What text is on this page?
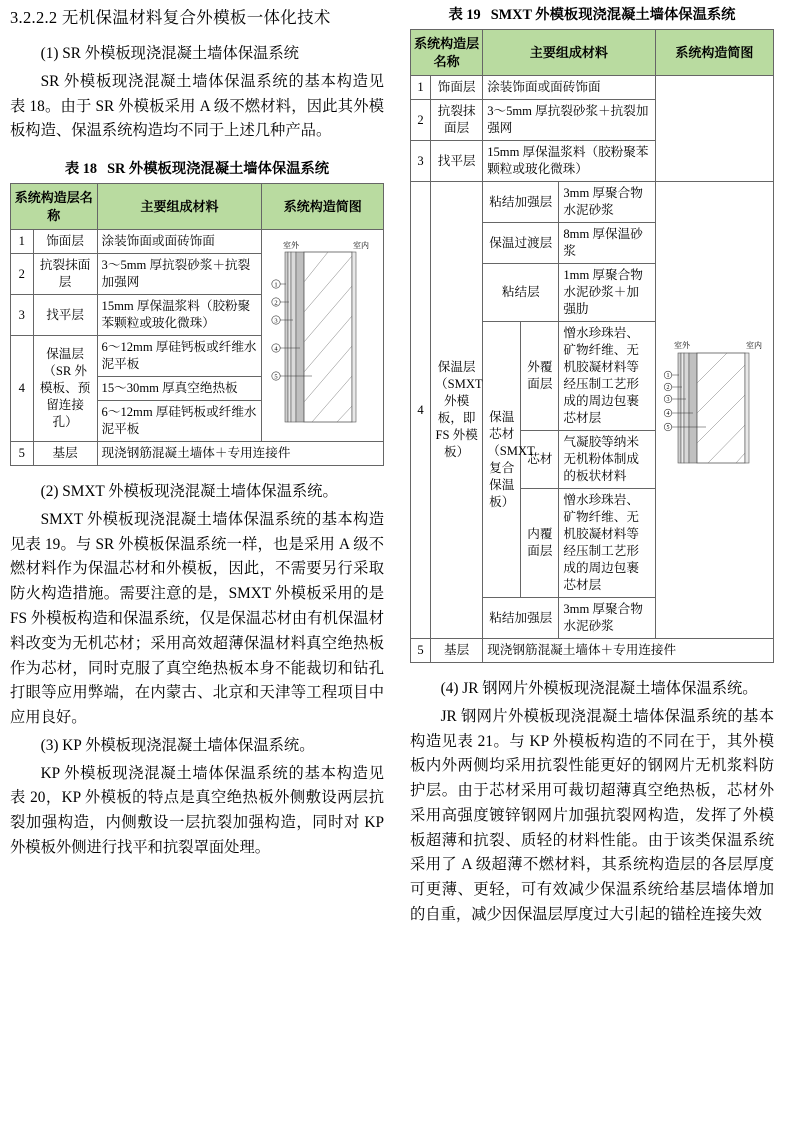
3.2.2.2 无机保温材料复合外模板一体化技术

(1) SR 外模板现浇混凝土墙体保温系统

SR 外模板现浇混凝土墙体保温系统的基本构造见表 18。由于 SR 外模板采用 A 级不燃材料，因此其外模板构造、保温系统构造均不同于上述几种产品。

表 18 SR 外模板现浇混凝土墙体保温系统
系统构造层名称		主要组成材料	系统构造简图
1	饰面层	涂装饰面或面砖饰面	室外	室内
1
2
3
4
5

2	抗裂抹面层	3～5mm 厚抗裂砂浆＋抗裂加强网	
3	找平层	15mm 厚保温浆料（胶粉聚苯颗粒或玻化微珠）	
4	保温层（SR 外模板、预留连接孔）	6～12mm 厚硅钙板或纤维水泥平板	
		15～30mm 厚真空绝热板	
		6～12mm 厚硅钙板或纤维水泥平板	
5	基层	现浇钢筋混凝土墙体＋专用连接件	

(2) SMXT 外模板现浇混凝土墙体保温系统。

SMXT 外模板现浇混凝土墙体保温系统的基本构造见表 19。与 SR 外模板保温系统一样，也是采用 A 级不燃材料作为保温芯材和外模板，因此，不需要另行采取防火构造措施。需要注意的是，SMXT 外模板采用的是 FS 外模板构造和保温系统，仅是保温芯材由有机保温材料改变为无机芯材；采用高效超薄保温材料真空绝热板作为芯材，同时克服了真空绝热板本身不能裁切和钻孔打眼等应用弊端，在内蒙古、北京和天津等工程项目中应用良好。

(3) KP 外模板现浇混凝土墙体保温系统。

KP 外模板现浇混凝土墙体保温系统的基本构造见表 20，KP 外模板的特点是真空绝热板外侧敷设两层抗裂加强构造，内侧敷设一层抗裂加强构造，同时对 KP 外模板外侧进行找平和抗裂罩面处理。

表 19 SMXT 外模板现浇混凝土墙体保温系统
系统构造层名称		主要组成材料			系统构造简图
1	饰面层	涂装饰面或面砖饰面			
2	抗裂抹面层	3～5mm 厚抗裂砂浆＋抗裂加强网			
3	找平层	15mm 厚保温浆料（胶粉聚苯颗粒或玻化微珠）			
4	保温层（SMXT 外模板，即 FS 外模板）	粘结加强层	3mm 厚聚合物水泥砂浆	
室外	室内
1
2
3
4
5

		保温过渡层		8mm 厚保温砂浆	
		粘结层		1mm 厚聚合物水泥砂浆＋加强肋	
		保温芯材（SMXT 复合保温板）	外覆面层	憎水珍珠岩、矿物纤维、无机胶凝材料等经压制工艺形成的周边包裹芯材层	
			芯材	气凝胶等纳米无机粉体制成的板状材料	
			内覆面层	憎水珍珠岩、矿物纤维、无机胶凝材料等经压制工艺形成的周边包裹芯材层	
		粘结加强层		3mm 厚聚合物水泥砂浆	
5	基层	现浇钢筋混凝土墙体＋专用连接件			

(4) JR 钢网片外模板现浇混凝土墙体保温系统。

JR 钢网片外模板现浇混凝土墙体保温系统的基本构造见表 21。与 KP 外模板构造的不同在于，其外模板内外两侧均采用抗裂性能更好的钢网片无机浆料防护层。由于芯材采用可裁切超薄真空绝热板，芯材外采用高强度镀锌钢网片加强抗裂网构造，发挥了外模板超薄和抗裂、质轻的材料性能。由于该类保温系统采用了 A 级超薄不燃材料，其系统构造层的各层厚度可更薄、更轻，可有效减少保温系统给基层墙体增加的自重，减少因保温层厚度过大引起的锚栓连接失效
